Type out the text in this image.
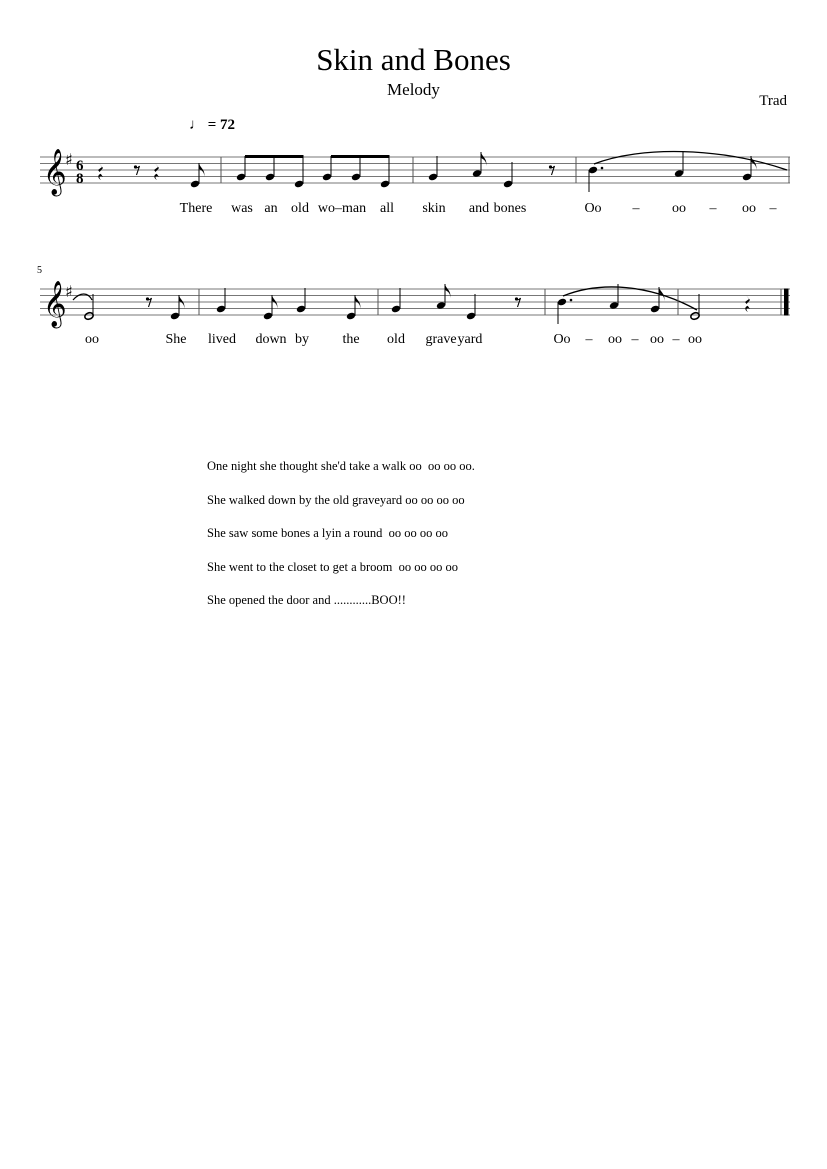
Skin and Bones
Melody
Trad
♩ = 72
5
𝄞
♯ 6
8
𝄞
♯
There was an old wo–man all skin and bones	Oo – oo – oo –
oo	She lived down by the old grave yard	Oo – oo – oo – oo
One night she thought she'd take a walk oo  oo oo oo.
She walked down by the old graveyard oo oo oo oo
She saw some bones a lyin a round  oo oo oo oo
She went to the closet to get a broom  oo oo oo oo
She opened the door and ............BOO!!
